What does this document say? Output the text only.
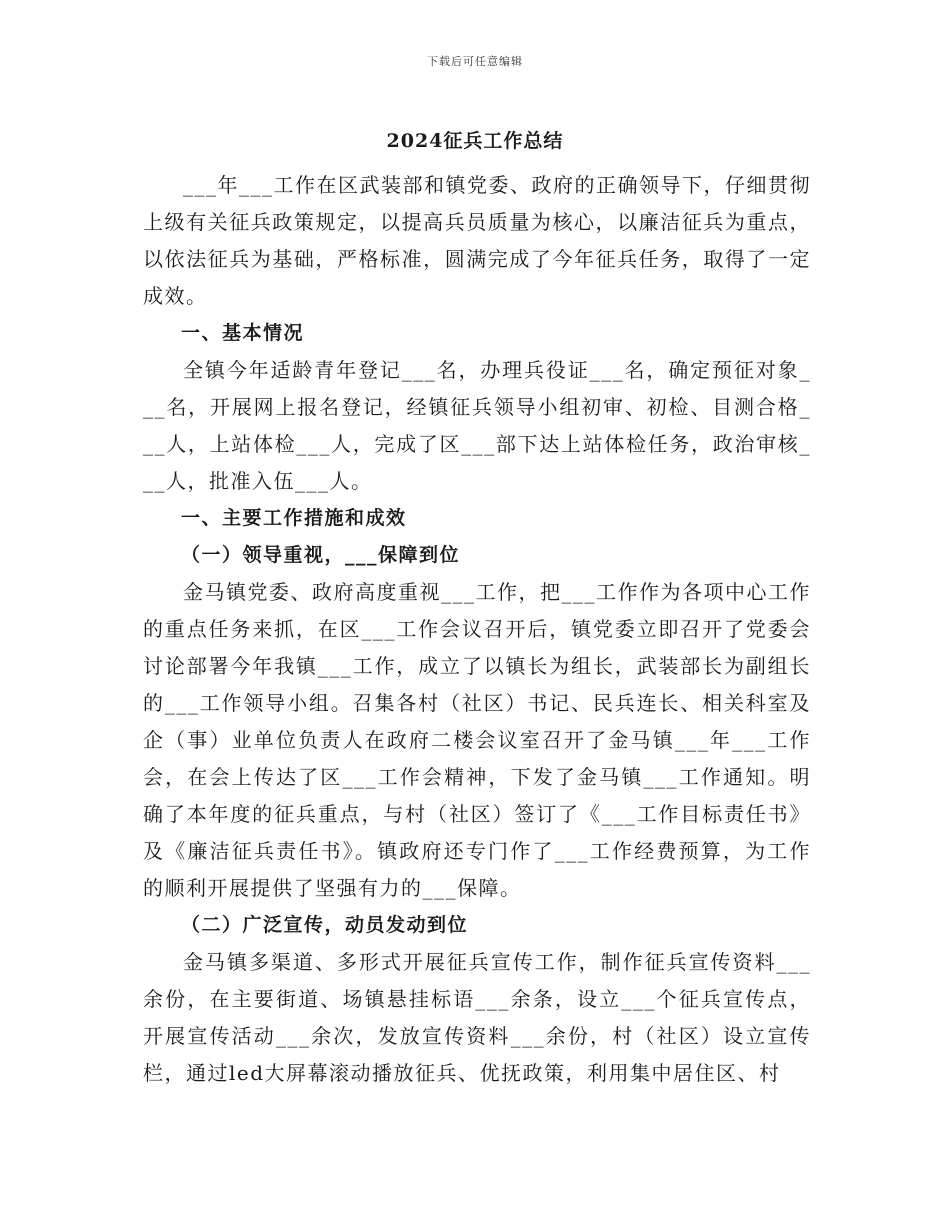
下载后可任意编辑
2024征兵工作总结

___年___工作在区武装部和镇党委、政府的正确领导下，仔细贯彻上级有关征兵政策规定，以提高兵员质量为核心，以廉洁征兵为重点，以依法征兵为基础，严格标准，圆满完成了今年征兵任务，取得了一定成效。

一、基本情况

全镇今年适龄青年登记___名，办理兵役证___名，确定预征对象___名，开展网上报名登记，经镇征兵领导小组初审、初检、目测合格___人，上站体检___人，完成了区___部下达上站体检任务，政治审核___人，批准入伍___人。

一、主要工作措施和成效

（一）领导重视，___保障到位

金马镇党委、政府高度重视___工作，把___工作作为各项中心工作的重点任务来抓，在区___工作会议召开后，镇党委立即召开了党委会讨论部署今年我镇___工作，成立了以镇长为组长，武装部长为副组长的___工作领导小组。召集各村（社区）书记、民兵连长、相关科室及企（事）业单位负责人在政府二楼会议室召开了金马镇___年___工作会，在会上传达了区___工作会精神，下发了金马镇___工作通知。明确了本年度的征兵重点，与村（社区）签订了《___工作目标责任书》及《廉洁征兵责任书》。镇政府还专门作了___工作经费预算，为工作的顺利开展提供了坚强有力的___保障。

（二）广泛宣传，动员发动到位

金马镇多渠道、多形式开展征兵宣传工作，制作征兵宣传资料___余份，在主要街道、场镇悬挂标语___余条，设立___个征兵宣传点，开展宣传活动___余次，发放宣传资料___余份，村（社区）设立宣传栏，通过led大屏幕滚动播放征兵、优抚政策，利用集中居住区、村
